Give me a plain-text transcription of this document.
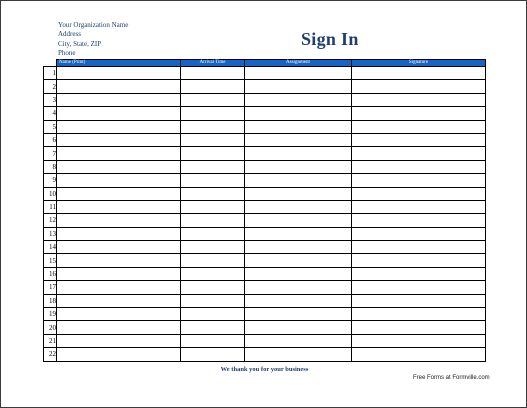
Your Organization Name
Address
City, State, ZIP
Phone
Sign In
	Name (Print)	Arrival Time	Assignment	Signature
1				
2				
3				
4				
5				
6				
7				
8				
9				
10				
11				
12				
13				
14				
15				
16				
17				
18				
19				
20				
21				
22				
We thank you for your business
Free Forms at Formville.com
